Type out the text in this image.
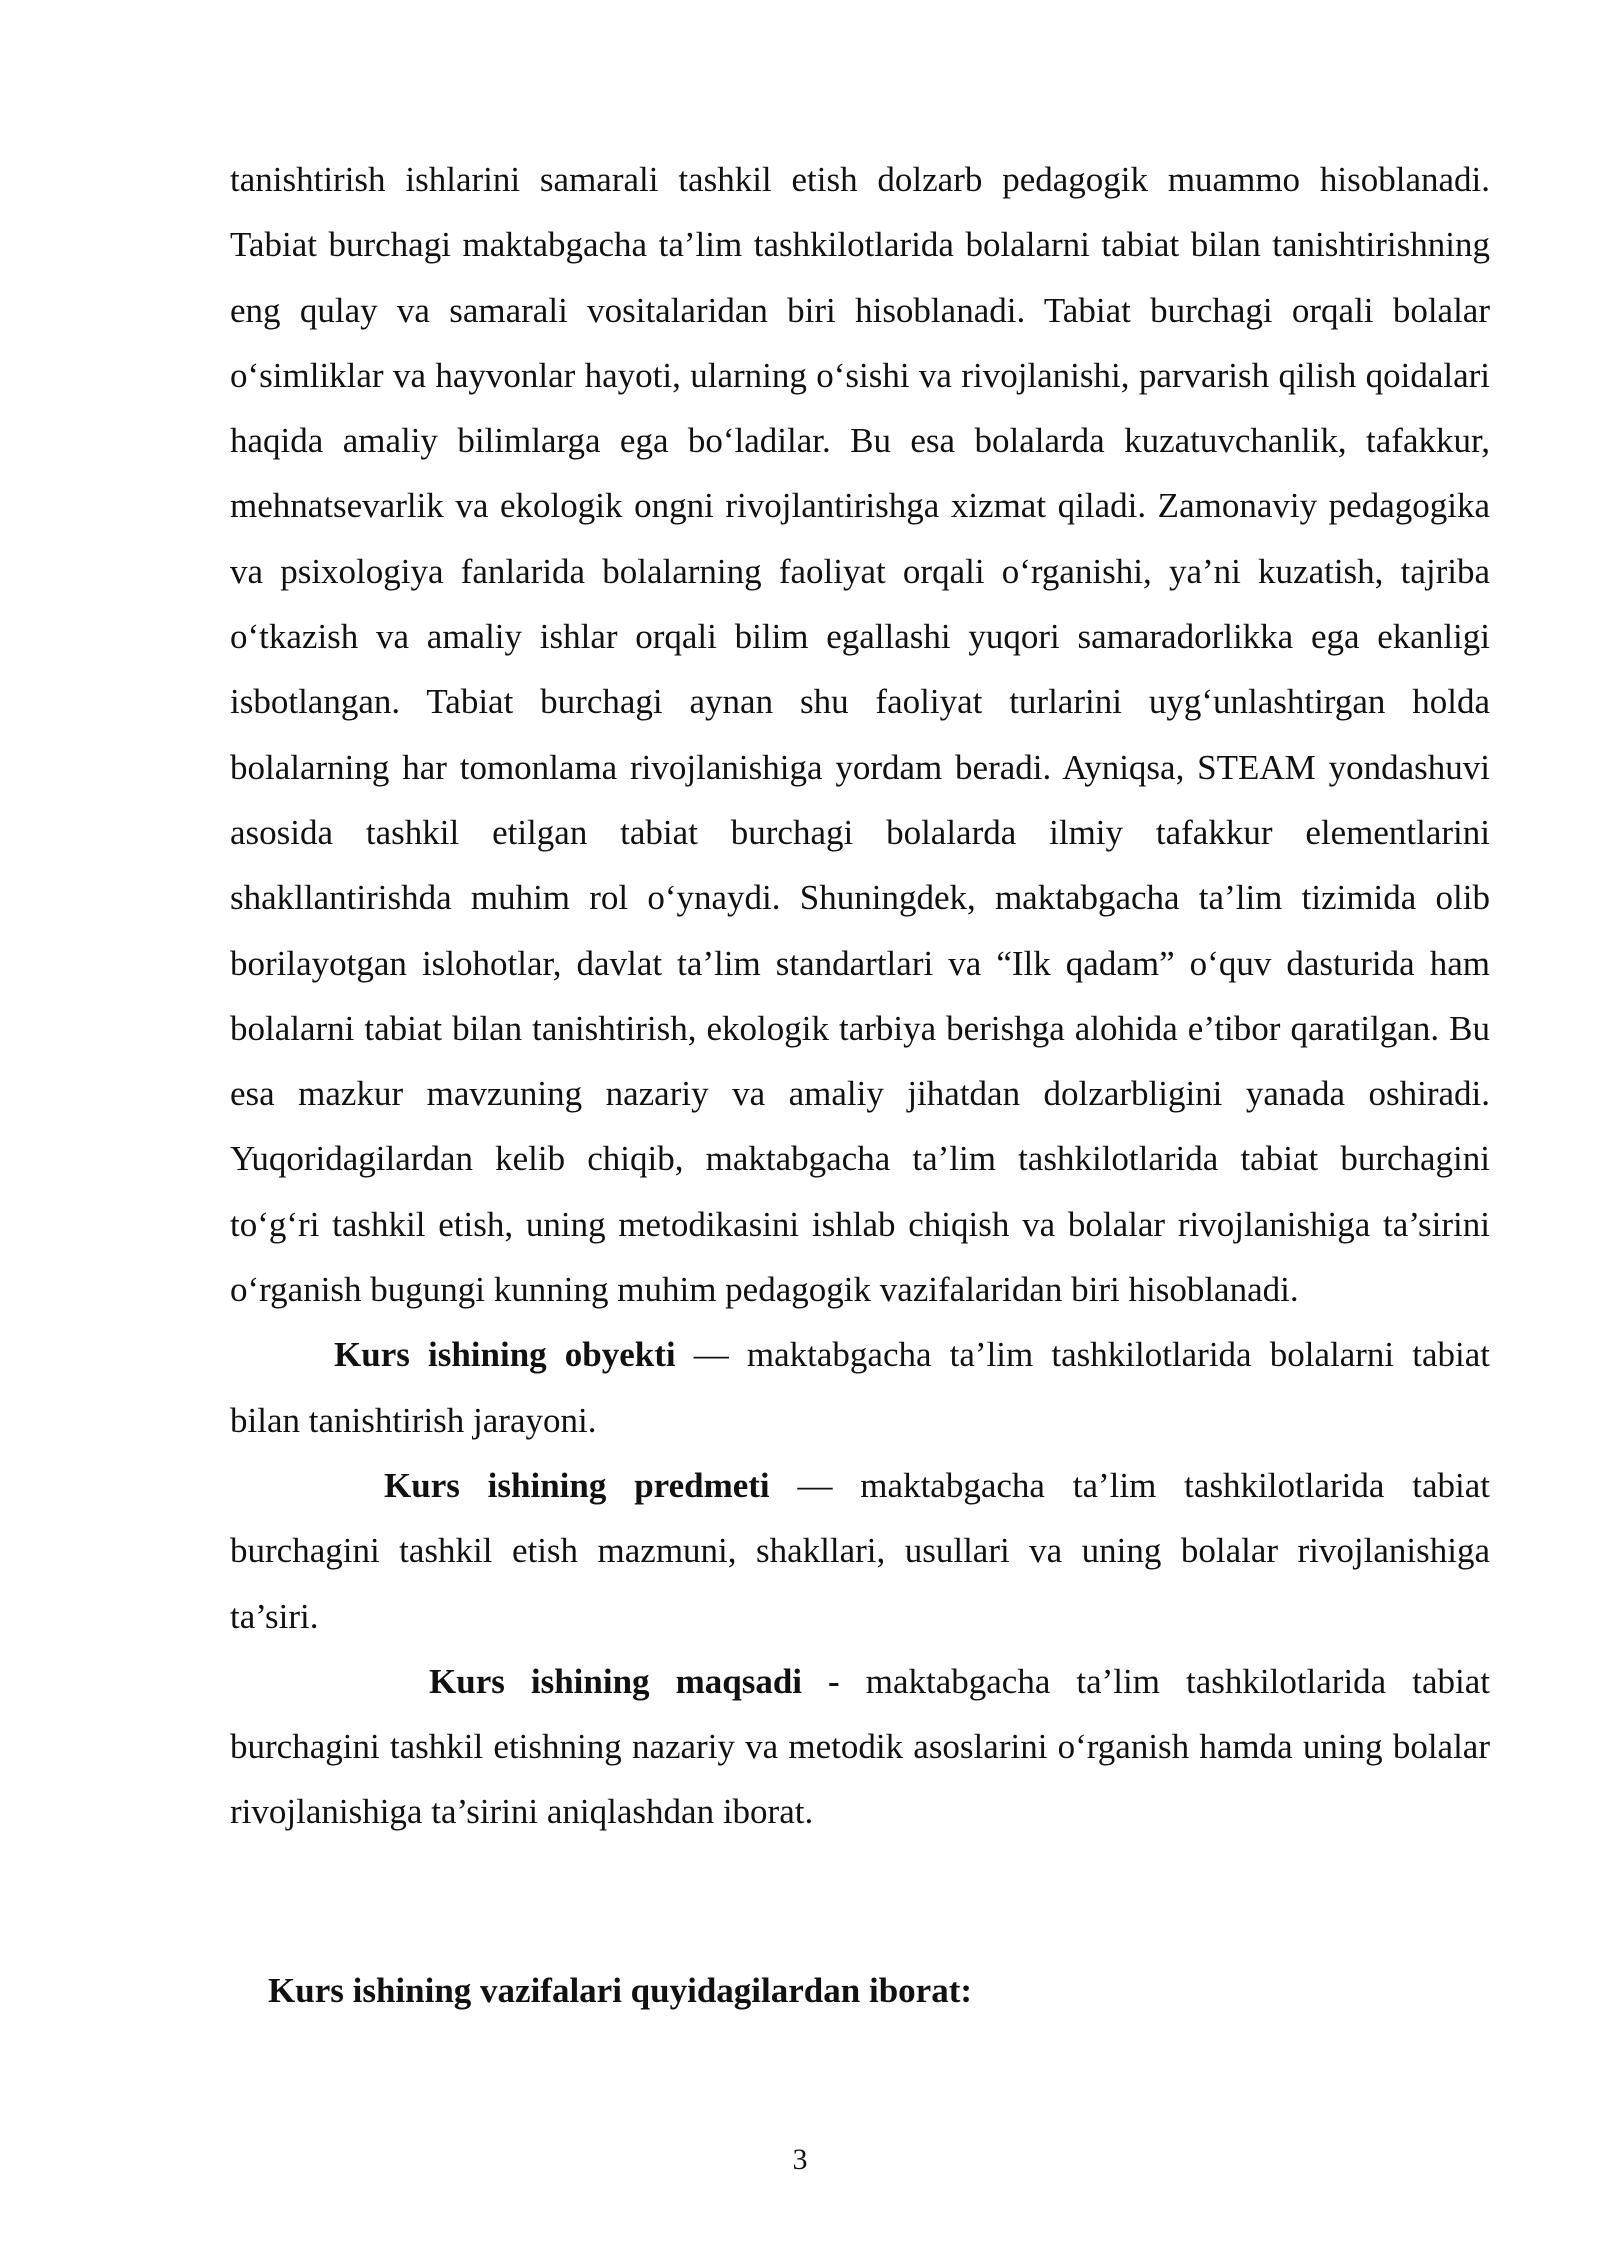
tanishtirish ishlarini samarali tashkil etish dolzarb pedagogik muammo hisoblanadi. Tabiat burchagi maktabgacha ta’lim tashkilotlarida bolalarni tabiat bilan tanishtirishning eng qulay va samarali vositalaridan biri hisoblanadi. Tabiat burchagi orqali bolalar o‘simliklar va hayvonlar hayoti, ularning o‘sishi va rivojlanishi, parvarish qilish qoidalari haqida amaliy bilimlarga ega bo‘ladilar. Bu esa bolalarda kuzatuvchanlik, tafakkur, mehnatsevarlik va ekologik ongni rivojlantirishga xizmat qiladi. Zamonaviy pedagogika va psixologiya fanlarida bolalarning faoliyat orqali o‘rganishi, ya’ni kuzatish, tajriba o‘tkazish va amaliy ishlar orqali bilim egallashi yuqori samaradorlikka ega ekanligi isbotlangan. Tabiat burchagi aynan shu faoliyat turlarini uyg‘unlashtirgan holda bolalarning har tomonlama rivojlanishiga yordam beradi. Ayniqsa, STEAM yondashuvi asosida tashkil etilgan tabiat burchagi bolalarda ilmiy tafakkur elementlarini shakllantirishda muhim rol o‘ynaydi. Shuningdek, maktabgacha ta’lim tizimida olib borilayotgan islohotlar, davlat ta’lim standartlari va “Ilk qadam” o‘quv dasturida ham bolalarni tabiat bilan tanishtirish, ekologik tarbiya berishga alohida e’tibor qaratilgan. Bu esa mazkur mavzuning nazariy va amaliy jihatdan dolzarbligini yanada oshiradi. Yuqoridagilardan kelib chiqib, maktabgacha ta’lim tashkilotlarida tabiat burchagini to‘g‘ri tashkil etish, uning metodikasini ishlab chiqish va bolalar rivojlanishiga ta’sirini o‘rganish bugungi kunning muhim pedagogik vazifalaridan biri hisoblanadi.

Kurs ishining obyekti — maktabgacha ta’lim tashkilotlarida bolalarni tabiat bilan tanishtirish jarayoni.

Kurs ishining predmeti — maktabgacha ta’lim tashkilotlarida tabiat burchagini tashkil etish mazmuni, shakllari, usullari va uning bolalar rivojlanishiga ta’siri.

Kurs ishining maqsadi - maktabgacha ta’lim tashkilotlarida tabiat burchagini tashkil etishning nazariy va metodik asoslarini o‘rganish hamda uning bolalar rivojlanishiga ta’sirini aniqlashdan iborat.

Kurs ishining vazifalari quyidagilardan iborat:
3
